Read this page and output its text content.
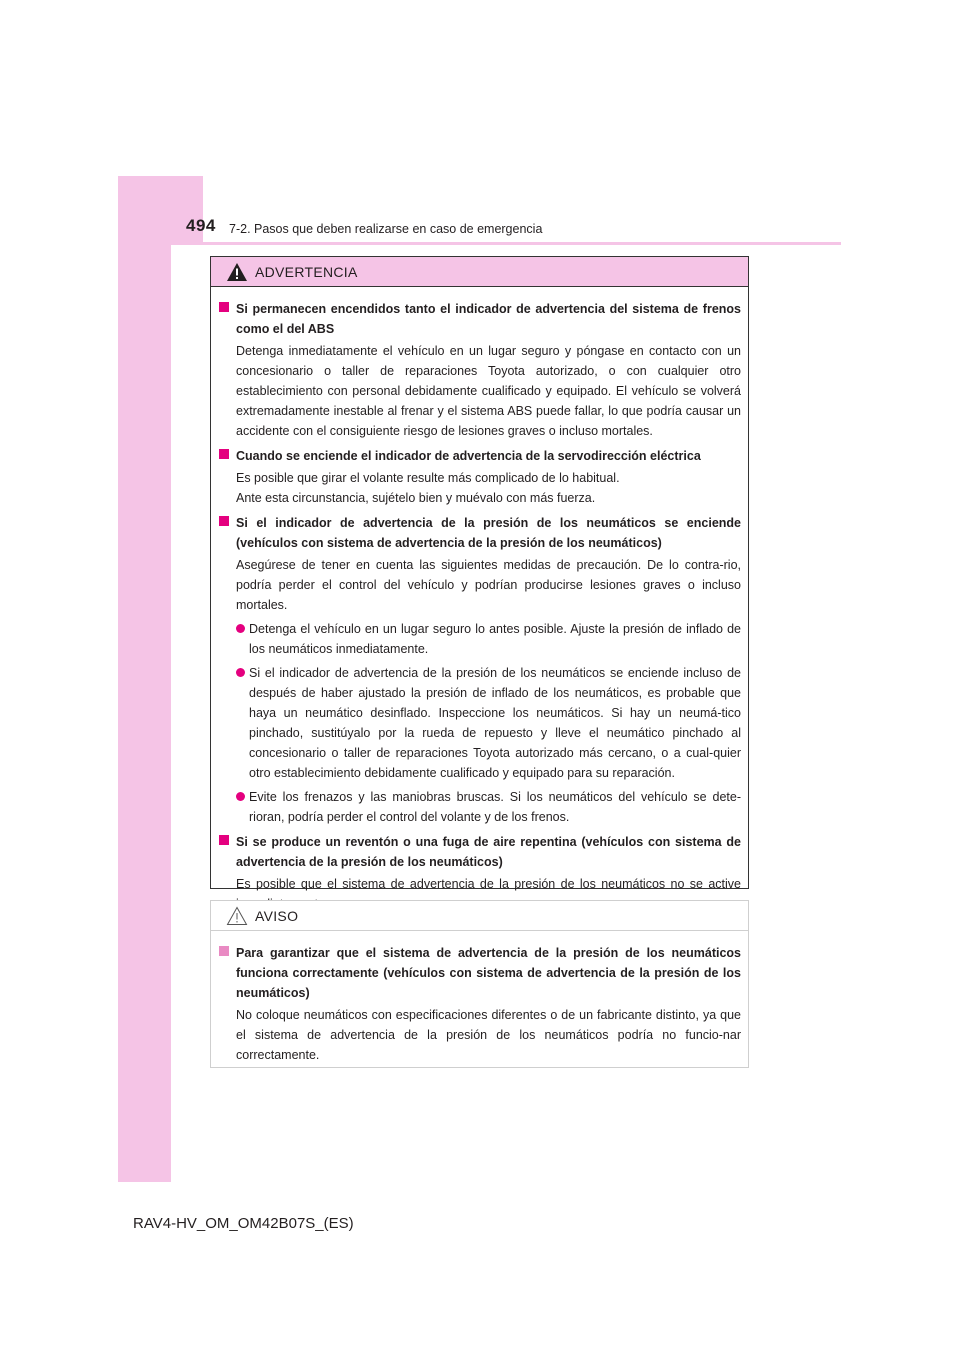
494 7-2. Pasos que deben realizarse en caso de emergencia
ADVERTENCIA
Si permanecen encendidos tanto el indicador de advertencia del sistema de frenos como el del ABS
Detenga inmediatamente el vehículo en un lugar seguro y póngase en contacto con un concesionario o taller de reparaciones Toyota autorizado, o con cualquier otro establecimiento con personal debidamente cualificado y equipado. El vehículo se volverá extremadamente inestable al frenar y el sistema ABS puede fallar, lo que podría causar un accidente con el consiguiente riesgo de lesiones graves o incluso mortales.
Cuando se enciende el indicador de advertencia de la servodirección eléctrica
Es posible que girar el volante resulte más complicado de lo habitual.
Ante esta circunstancia, sujételo bien y muévalo con más fuerza.
Si el indicador de advertencia de la presión de los neumáticos se enciende (vehículos con sistema de advertencia de la presión de los neumáticos)
Asegúrese de tener en cuenta las siguientes medidas de precaución. De lo contra-rio, podría perder el control del vehículo y podrían producirse lesiones graves o incluso mortales.
Detenga el vehículo en un lugar seguro lo antes posible. Ajuste la presión de inflado de los neumáticos inmediatamente.
Si el indicador de advertencia de la presión de los neumáticos se enciende incluso de después de haber ajustado la presión de inflado de los neumáticos, es probable que haya un neumático desinflado. Inspeccione los neumáticos. Si hay un neumá-tico pinchado, sustitúyalo por la rueda de repuesto y lleve el neumático pinchado al concesionario o taller de reparaciones Toyota autorizado más cercano, o a cual-quier otro establecimiento debidamente cualificado y equipado para su reparación.
Evite los frenazos y las maniobras bruscas. Si los neumáticos del vehículo se dete-rioran, podría perder el control del volante y de los frenos.
Si se produce un reventón o una fuga de aire repentina (vehículos con sistema de advertencia de la presión de los neumáticos)
Es posible que el sistema de advertencia de la presión de los neumáticos no se active
AVISO
Para garantizar que el sistema de advertencia de la presión de los neumáticos funciona correctamente (vehículos con sistema de advertencia de la presión de los neumáticos)
No coloque neumáticos con especificaciones diferentes o de un fabricante distinto, ya que el sistema de advertencia de la presión de los neumáticos podría no funcio-nar correctamente.
RAV4-HV_OM_OM42B07S_(ES)
